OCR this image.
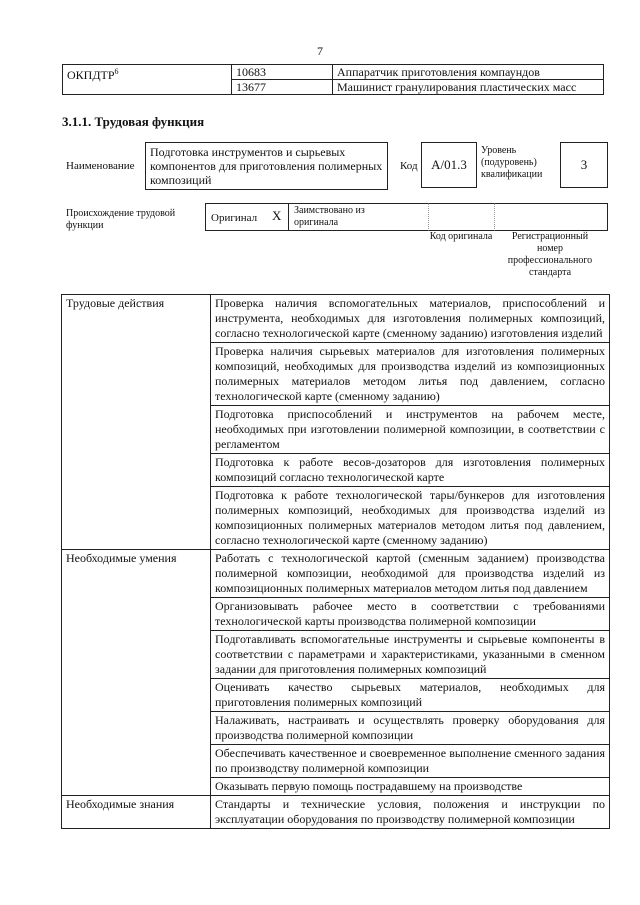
7
ОКПДТР$^6$	10683	Аппаратчик приготовления компаундов
	13677	Машинист гранулирования пластических масс
3.1.1. Трудовая функция
Наименование
Подготовка инструментов и сырьевых компонентов для приготовления полимерных композиций
Код	A/01.3
Уровень (подуровень) квалификации
3
Происхождение трудовой функции
Оригинал X Заимствовано из оригинала
Код оригинала	Регистрационный номер профессионального стандарта
Трудовые действия	Проверка наличия вспомогательных материалов, приспособлений и инструмента, необходимых для изготовления полимерных композиций, согласно технологической карте (сменному заданию) изготовления изделий
	Проверка наличия сырьевых материалов для изготовления полимерных композиций, необходимых для производства изделий из композиционных полимерных материалов методом литья под давлением, согласно технологической карте (сменному заданию)
	Подготовка приспособлений и инструментов на рабочем месте, необходимых при изготовлении полимерной композиции, в соответствии с регламентом
	Подготовка к работе весов-дозаторов для изготовления полимерных композиций согласно технологической карте
	Подготовка к работе технологической тары/бункеров для изготовления полимерных композиций, необходимых для производства изделий из композиционных полимерных материалов методом литья под давлением, согласно технологической карте (сменному заданию)
Необходимые умения	Работать с технологической картой (сменным заданием) производства полимерной композиции, необходимой для производства изделий из композиционных полимерных материалов методом литья под давлением
	Организовывать рабочее место в соответствии с требованиями технологической карты производства полимерной композиции
	Подготавливать вспомогательные инструменты и сырьевые компоненты в соответствии с параметрами и характеристиками, указанными в сменном задании для приготовления полимерных композиций
	Оценивать качество сырьевых материалов, необходимых для приготовления полимерных композиций
	Налаживать, настраивать и осуществлять проверку оборудования для производства полимерной композиции
	Обеспечивать качественное и своевременное выполнение сменного задания по производству полимерной композиции
	Оказывать первую помощь пострадавшему на производстве
Необходимые знания	Стандарты и технические условия, положения и инструкции по эксплуатации оборудования по производству полимерной композиции
